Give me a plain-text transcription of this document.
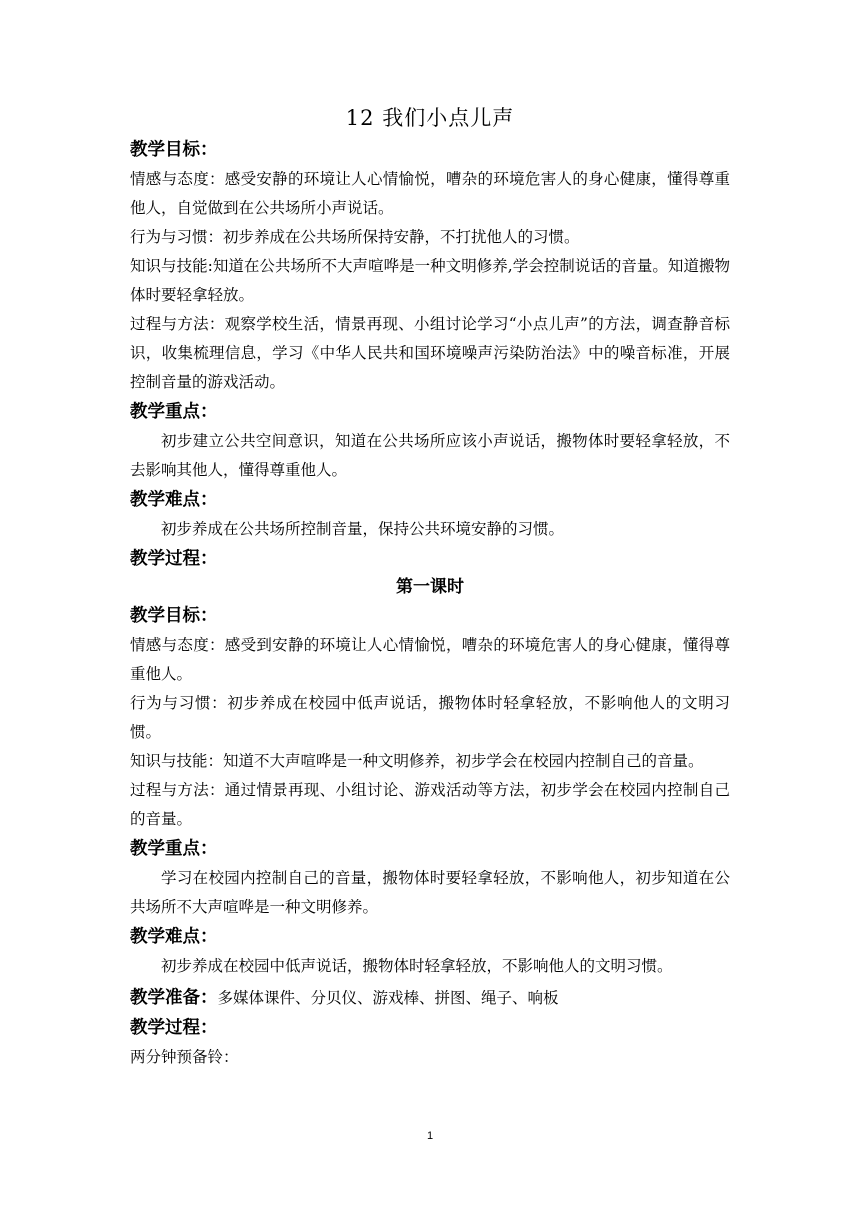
12 我们小点儿声
教学目标：

情感与态度：感受安静的环境让人心情愉悦，嘈杂的环境危害人的身心健康，懂得尊重他人，自觉做到在公共场所小声说话。

行为与习惯：初步养成在公共场所保持安静，不打扰他人的习惯。

知识与技能:知道在公共场所不大声喧哗是一种文明修养,学会控制说话的音量。知道搬物体时要轻拿轻放。

过程与方法：观察学校生活，情景再现、小组讨论学习“小点儿声”的方法，调查静音标识，收集梳理信息，学习《中华人民共和国环境噪声污染防治法》中的噪音标准，开展控制音量的游戏活动。

教学重点：

初步建立公共空间意识，知道在公共场所应该小声说话，搬物体时要轻拿轻放，不去影响其他人，懂得尊重他人。

教学难点：

初步养成在公共场所控制音量，保持公共环境安静的习惯。

教学过程：
第一课时
教学目标：

情感与态度：感受到安静的环境让人心情愉悦，嘈杂的环境危害人的身心健康，懂得尊重他人。

行为与习惯：初步养成在校园中低声说话，搬物体时轻拿轻放，不影响他人的文明习惯。

知识与技能：知道不大声喧哗是一种文明修养，初步学会在校园内控制自己的音量。

过程与方法：通过情景再现、小组讨论、游戏活动等方法，初步学会在校园内控制自己的音量。

教学重点：

学习在校园内控制自己的音量，搬物体时要轻拿轻放，不影响他人，初步知道在公共场所不大声喧哗是一种文明修养。

教学难点：

初步养成在校园中低声说话，搬物体时轻拿轻放，不影响他人的文明习惯。

教学准备：多媒体课件、分贝仪、游戏棒、拼图、绳子、响板
教学过程：

两分钟预备铃：

1
